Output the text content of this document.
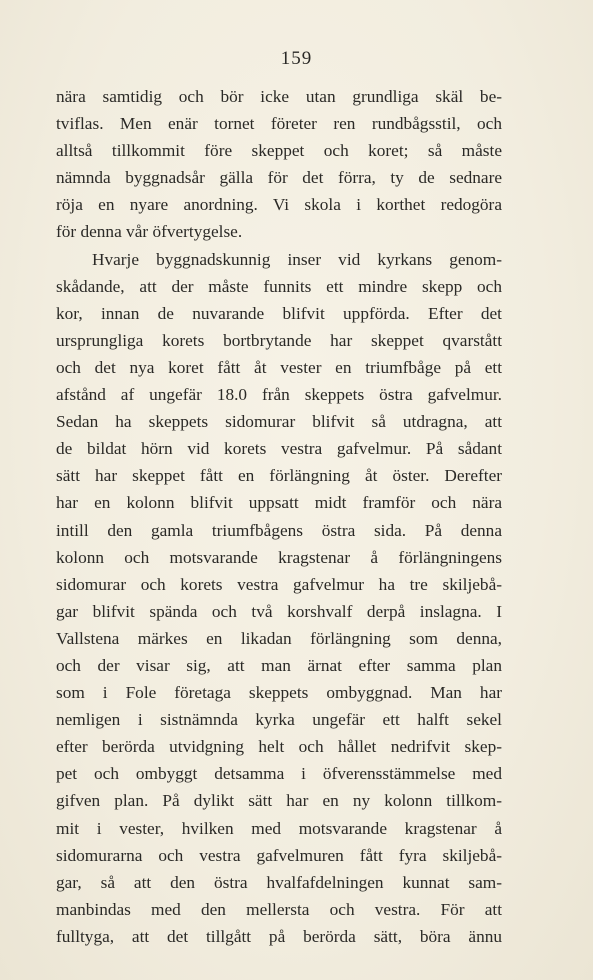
159
nära samtidig och bör icke utan grundliga skäl be-
tviflas. Men enär tornet företer ren rundbågsstil, och
alltså tillkommit före skeppet och koret; så måste
nämnda byggnadsår gälla för det förra, ty de sednare
röja en nyare anordning. Vi skola i korthet redogöra
för denna vår öfvertygelse.
Hvarje byggnadskunnig inser vid kyrkans genom-
skådande, att der måste funnits ett mindre skepp och
kor, innan de nuvarande blifvit uppförda. Efter det
ursprungliga korets bortbrytande har skeppet qvarstått
och det nya koret fått åt vester en triumfbåge på ett
afstånd af ungefär 18.0 från skeppets östra gafvelmur.
Sedan ha skeppets sidomurar blifvit så utdragna, att
de bildat hörn vid korets vestra gafvelmur. På sådant
sätt har skeppet fått en förlängning åt öster. Derefter
har en kolonn blifvit uppsatt midt framför och nära
intill den gamla triumfbågens östra sida. På denna
kolonn och motsvarande kragstenar å förlängningens
sidomurar och korets vestra gafvelmur ha tre skiljebå-
gar blifvit spända och två korshvalf derpå inslagna. I
Vallstena märkes en likadan förlängning som denna,
och der visar sig, att man ärnat efter samma plan
som i Fole företaga skeppets ombyggnad. Man har
nemligen i sistnämnda kyrka ungefär ett halft sekel
efter berörda utvidgning helt och hållet nedrifvit skep-
pet och ombyggt detsamma i öfverensstämmelse med
gifven plan. På dylikt sätt har en ny kolonn tillkom-
mit i vester, hvilken med motsvarande kragstenar å
sidomurarna och vestra gafvelmuren fått fyra skiljebå-
gar, så att den östra hvalfafdelningen kunnat sam-
manbindas med den mellersta och vestra. För att
fulltyga, att det tillgått på berörda sätt, böra ännu
